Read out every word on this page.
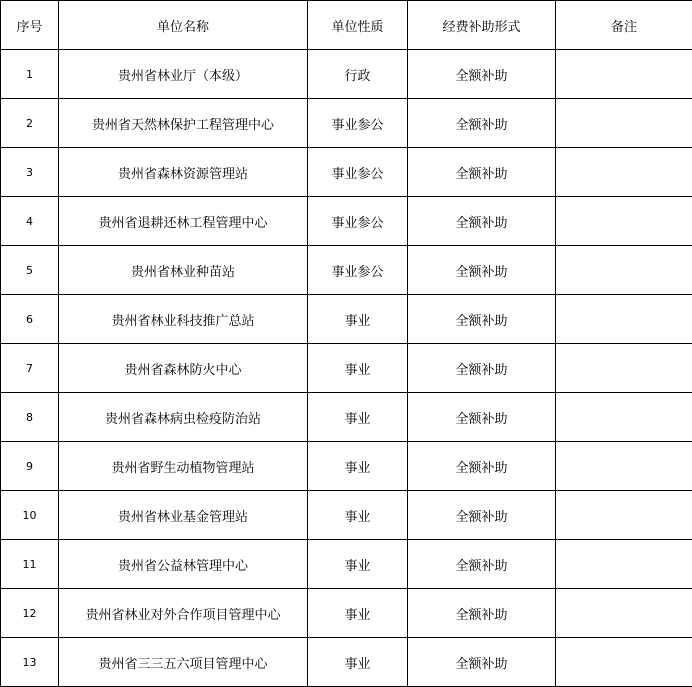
序号	单位名称	单位性质	经费补助形式	备注
1	贵州省林业厅（本级）	行政	全额补助	
2	贵州省天然林保护工程管理中心	事业参公	全额补助	
3	贵州省森林资源管理站	事业参公	全额补助	
4	贵州省退耕还林工程管理中心	事业参公	全额补助	
5	贵州省林业种苗站	事业参公	全额补助	
6	贵州省林业科技推广总站	事业	全额补助	
7	贵州省森林防火中心	事业	全额补助	
8	贵州省森林病虫检疫防治站	事业	全额补助	
9	贵州省野生动植物管理站	事业	全额补助	
10	贵州省林业基金管理站	事业	全额补助	
11	贵州省公益林管理中心	事业	全额补助	
12	贵州省林业对外合作项目管理中心	事业	全额补助	
13	贵州省三三五六项目管理中心	事业	全额补助	
